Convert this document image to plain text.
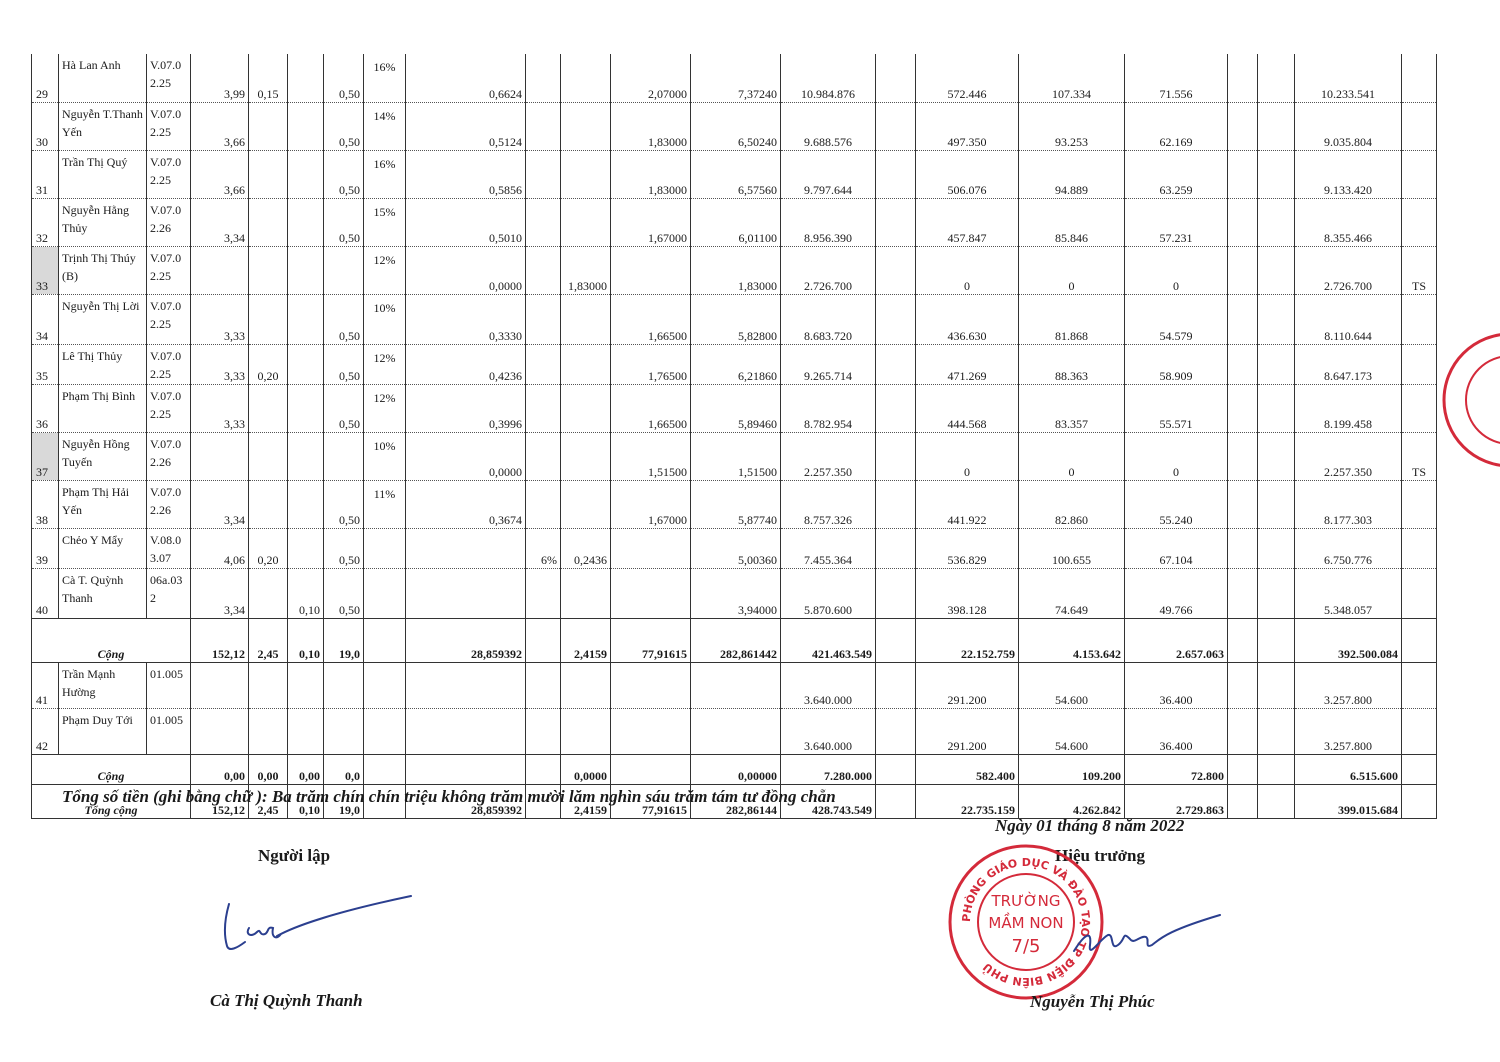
29	Hà Lan Anh	V.07.02.25	3,99	0,15		0,50	16%	0,6624			2,07000	7,37240	10.984.876		572.446	107.334	71.556			10.233.541	
30	Nguyễn T.Thanh Yến	V.07.02.25	3,66			0,50	14%	0,5124			1,83000	6,50240	9.688.576		497.350	93.253	62.169			9.035.804	
31	Trần Thị Quý	V.07.02.25	3,66			0,50	16%	0,5856			1,83000	6,57560	9.797.644		506.076	94.889	63.259			9.133.420	
32	Nguyễn Hằng Thủy	V.07.02.26	3,34			0,50	15%	0,5010			1,67000	6,01100	8.956.390		457.847	85.846	57.231			8.355.466	
33	Trịnh Thị Thúy (B)	V.07.02.25					12%	0,0000		1,83000		1,83000	2.726.700		0	0	0			2.726.700	TS
34	Nguyễn Thị Lời	V.07.02.25	3,33			0,50	10%	0,3330			1,66500	5,82800	8.683.720		436.630	81.868	54.579			8.110.644	
35	Lê Thị Thủy	V.07.02.25	3,33	0,20		0,50	12%	0,4236			1,76500	6,21860	9.265.714		471.269	88.363	58.909			8.647.173	
36	Phạm Thị Bình	V.07.02.25	3,33			0,50	12%	0,3996			1,66500	5,89460	8.782.954		444.568	83.357	55.571			8.199.458	
37	Nguyễn Hồng Tuyến	V.07.02.26					10%	0,0000			1,51500	1,51500	2.257.350		0	0	0			2.257.350	TS
38	Phạm Thị Hải Yến	V.07.02.26	3,34			0,50	11%	0,3674			1,67000	5,87740	8.757.326		441.922	82.860	55.240			8.177.303	
39	Chẻo Y Mẩy	V.08.03.07	4,06	0,20		0,50			6%	0,2436		5,00360	7.455.364		536.829	100.655	67.104			6.750.776	
40	Cà T. Quỳnh Thanh	06a.032	3,34		0,10	0,50						3,94000	5.870.600		398.128	74.649	49.766			5.348.057	
Cộng			152,12	2,45	0,10	19,0		28,859392		2,4159	77,91615	282,861442	421.463.549		22.152.759	4.153.642	2.657.063			392.500.084	
41	Trần Mạnh Hường	01.005											3.640.000		291.200	54.600	36.400			3.257.800	
42	Phạm Duy Tới	01.005											3.640.000		291.200	54.600	36.400			3.257.800	
Cộng			0,00	0,00	0,00	0,0				0,0000		0,00000	7.280.000		582.400	109.200	72.800			6.515.600	
Tổng cộng			152,12	2,45	0,10	19,0		28,859392		2,4159	77,91615	282,86144	428.743.549		22.735.159	4.262.842	2.729.863			399.015.684	
Tổng số tiền (ghi bằng chữ ): Ba trăm chín chín triệu không trăm mười lăm nghìn sáu trăm tám tư đồng chẵn
Ngày 01 tháng 8 năm 2022
Người lập	Hiệu trưởng
PHÒNG GIÁO DỤC VÀ ĐÀO TẠO TP ĐIỆN BIÊN PHỦ
TRƯỜNG
MẦM NON
7/5
Cà Thị Quỳnh Thanh	Nguyễn Thị Phúc
